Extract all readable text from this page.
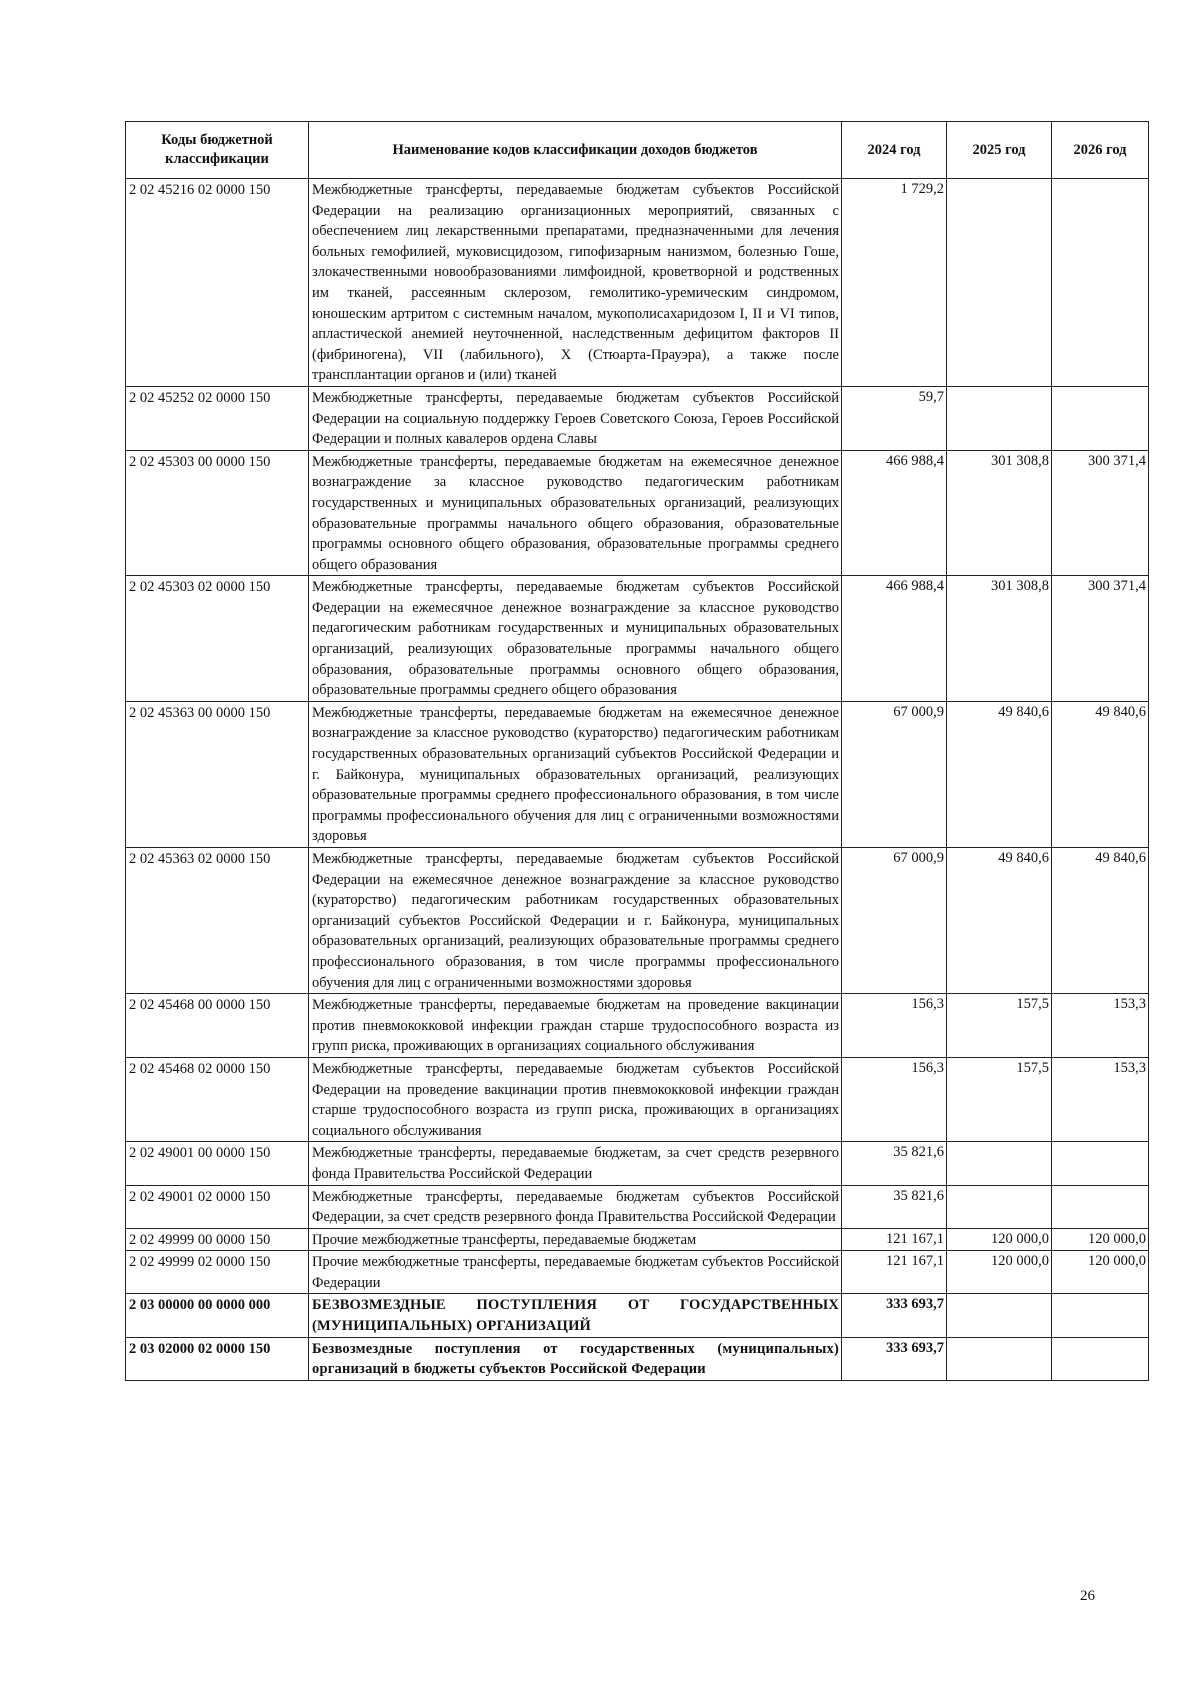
Коды бюджетной классификации	Наименование кодов классификации доходов бюджетов	2024 год	2025 год	2026 год
2 02 45216 02 0000 150	Межбюджетные трансферты, передаваемые бюджетам субъектов Российской Федерации на реализацию организационных мероприятий, связанных с обеспечением лиц лекарственными препаратами, предназначенными для лечения больных гемофилией, муковисцидозом, гипофизарным нанизмом, болезнью Гоше, злокачественными новообразованиями лимфоидной, кроветворной и родственных им тканей, рассеянным склерозом, гемолитико-уремическим синдромом, юношеским артритом с системным началом, мукополисахаридозом I, II и VI типов, апластической анемией неуточненной, наследственным дефицитом факторов II (фибриногена), VII (лабильного), X (Стюарта-Прауэра), а также после трансплантации органов и (или) тканей	1 729,2		
2 02 45252 02 0000 150	Межбюджетные трансферты, передаваемые бюджетам субъектов Российской Федерации на социальную поддержку Героев Советского Союза, Героев Российской Федерации и полных кавалеров ордена Славы	59,7		
2 02 45303 00 0000 150	Межбюджетные трансферты, передаваемые бюджетам на ежемесячное денежное вознаграждение за классное руководство педагогическим работникам государственных и муниципальных образовательных организаций, реализующих образовательные программы начального общего образования, образовательные программы основного общего образования, образовательные программы среднего общего образования	466 988,4	301 308,8	300 371,4
2 02 45303 02 0000 150	Межбюджетные трансферты, передаваемые бюджетам субъектов Российской Федерации на ежемесячное денежное вознаграждение за классное руководство педагогическим работникам государственных и муниципальных образовательных организаций, реализующих образовательные программы начального общего образования, образовательные программы основного общего образования, образовательные программы среднего общего образования	466 988,4	301 308,8	300 371,4
2 02 45363 00 0000 150	Межбюджетные трансферты, передаваемые бюджетам на ежемесячное денежное вознаграждение за классное руководство (кураторство) педагогическим работникам государственных образовательных организаций субъектов Российской Федерации и г. Байконура, муниципальных образовательных организаций, реализующих образовательные программы среднего профессионального образования, в том числе программы профессионального обучения для лиц с ограниченными возможностями здоровья	67 000,9	49 840,6	49 840,6
2 02 45363 02 0000 150	Межбюджетные трансферты, передаваемые бюджетам субъектов Российской Федерации на ежемесячное денежное вознаграждение за классное руководство (кураторство) педагогическим работникам государственных образовательных организаций субъектов Российской Федерации и г. Байконура, муниципальных образовательных организаций, реализующих образовательные программы среднего профессионального образования, в том числе программы профессионального обучения для лиц с ограниченными возможностями здоровья	67 000,9	49 840,6	49 840,6
2 02 45468 00 0000 150	Межбюджетные трансферты, передаваемые бюджетам на проведение вакцинации против пневмококковой инфекции граждан старше трудоспособного возраста из групп риска, проживающих в организациях социального обслуживания	156,3	157,5	153,3
2 02 45468 02 0000 150	Межбюджетные трансферты, передаваемые бюджетам субъектов Российской Федерации на проведение вакцинации против пневмококковой инфекции граждан старше трудоспособного возраста из групп риска, проживающих в организациях социального обслуживания	156,3	157,5	153,3
2 02 49001 00 0000 150	Межбюджетные трансферты, передаваемые бюджетам, за счет средств резервного фонда Правительства Российской Федерации	35 821,6		
2 02 49001 02 0000 150	Межбюджетные трансферты, передаваемые бюджетам субъектов Российской Федерации, за счет средств резервного фонда Правительства Российской Федерации	35 821,6		
2 02 49999 00 0000 150	Прочие межбюджетные трансферты, передаваемые бюджетам	121 167,1	120 000,0	120 000,0
2 02 49999 02 0000 150	Прочие межбюджетные трансферты, передаваемые бюджетам субъектов Российской Федерации	121 167,1	120 000,0	120 000,0
2 03 00000 00 0000 000	БЕЗВОЗМЕЗДНЫЕ ПОСТУПЛЕНИЯ ОТ ГОСУДАРСТВЕННЫХ (МУНИЦИПАЛЬНЫХ) ОРГАНИЗАЦИЙ	333 693,7		
2 03 02000 02 0000 150	Безвозмездные поступления от государственных (муниципальных) организаций в бюджеты субъектов Российской Федерации	333 693,7		
26
